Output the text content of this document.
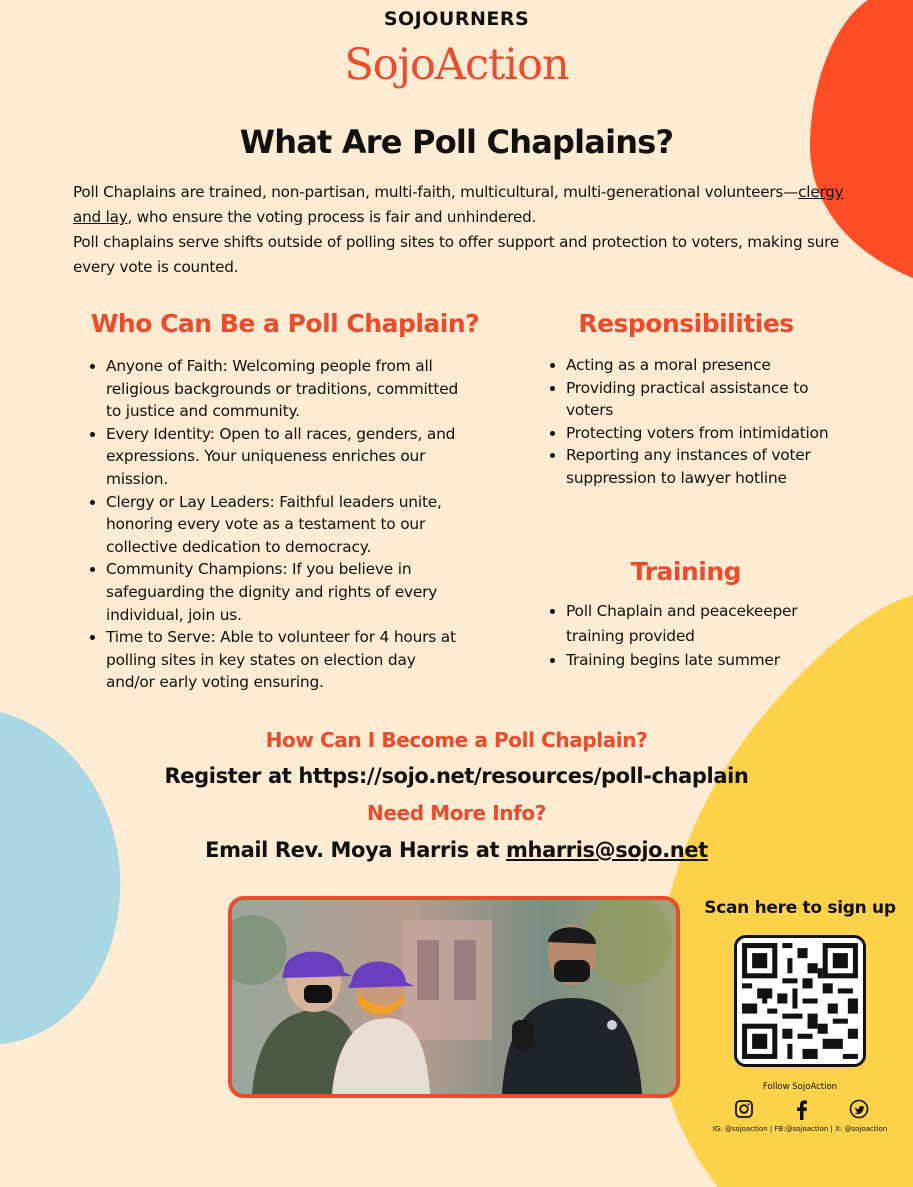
SOJOURNERS
SojoAction
What Are Poll Chaplains?

Poll Chaplains are trained, non-partisan, multi-faith, multicultural, multi-generational volunteers—clergy and lay, who ensure the voting process is fair and unhindered.

Poll chaplains serve shifts outside of polling sites to offer support and protection to voters, making sure every vote is counted.

Who Can Be a Poll Chaplain?
• Anyone of Faith: Welcoming people from all religious backgrounds or traditions, committed to justice and community.
• Every Identity: Open to all races, genders, and expressions. Your uniqueness enriches our mission.
• Clergy or Lay Leaders: Faithful leaders unite, honoring every vote as a testament to our collective dedication to democracy.
• Community Champions: If you believe in safeguarding the dignity and rights of every individual, join us.
• Time to Serve: Able to volunteer for 4 hours at polling sites in key states on election day and/or early voting ensuring.
Responsibilities
• Acting as a moral presence
• Providing practical assistance to voters
• Protecting voters from intimidation
• Reporting any instances of voter suppression to lawyer hotline
Training
• Poll Chaplain and peacekeeper training provided
• Training begins late summer
How Can I Become a Poll Chaplain?
Register at https://sojo.net/resources/poll-chaplain
Need More Info?
Email Rev. Moya Harris at mharris@sojo.net
Scan here to sign up
Follow SojoAction
IG: @sojoaction | FB:@sojoaction | X: @sojoaction
